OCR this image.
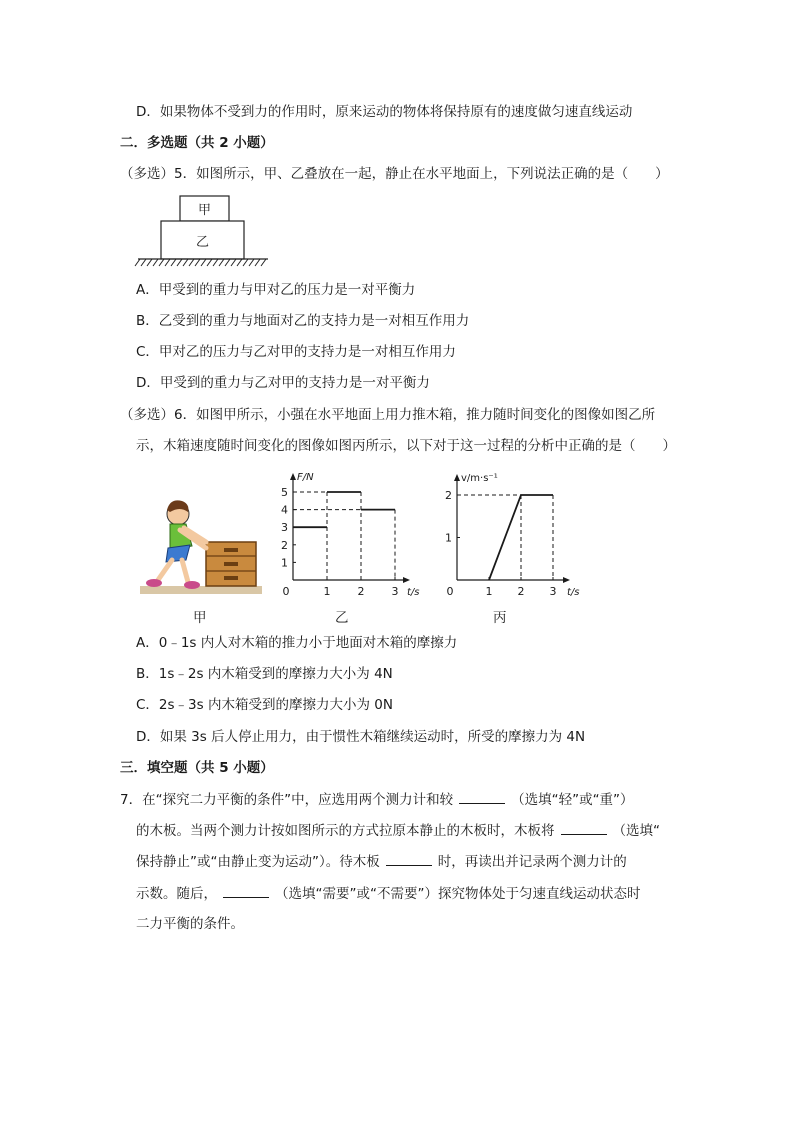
D．如果物体不受到力的作用时，原来运动的物体将保持原有的速度做匀速直线运动
二．多选题（共 2 小题）
（多选）5．如图所示，甲、乙叠放在一起，静止在水平地面上，下列说法正确的是（　　）
甲
乙
A．甲受到的重力与甲对乙的压力是一对平衡力
B．乙受到的重力与地面对乙的支持力是一对相互作用力
C．甲对乙的压力与乙对甲的支持力是一对相互作用力
D．甲受到的重力与乙对甲的支持力是一对平衡力
（多选）6．如图甲所示，小强在水平地面上用力推木箱，推力随时间变化的图像如图乙所
示，木箱速度随时间变化的图像如图丙所示，以下对于这一过程的分析中正确的是（　　）
0	1 2 3
1
2
3
4
5
t/s
F/N
0	1 2 3
1
2
t/s
v/m·s⁻¹
甲	乙	丙
A．0﹣1s 内人对木箱的推力小于地面对木箱的摩擦力
B．1s﹣2s 内木箱受到的摩擦力大小为 4N
C．2s﹣3s 内木箱受到的摩擦力大小为 0N
D．如果 3s 后人停止用力，由于惯性木箱继续运动时，所受的摩擦力为 4N
三．填空题（共 5 小题）
7．在“探究二力平衡的条件”中，应选用两个测力计和较	（选填“轻”或“重”）
的木板。当两个测力计按如图所示的方式拉原本静止的木板时，木板将	（选填“
保持静止”或“由静止变为运动”）。待木板	时，再读出并记录两个测力计的
示数。随后，	（选填“需要”或“不需要”）探究物体处于匀速直线运动状态时
二力平衡的条件。
